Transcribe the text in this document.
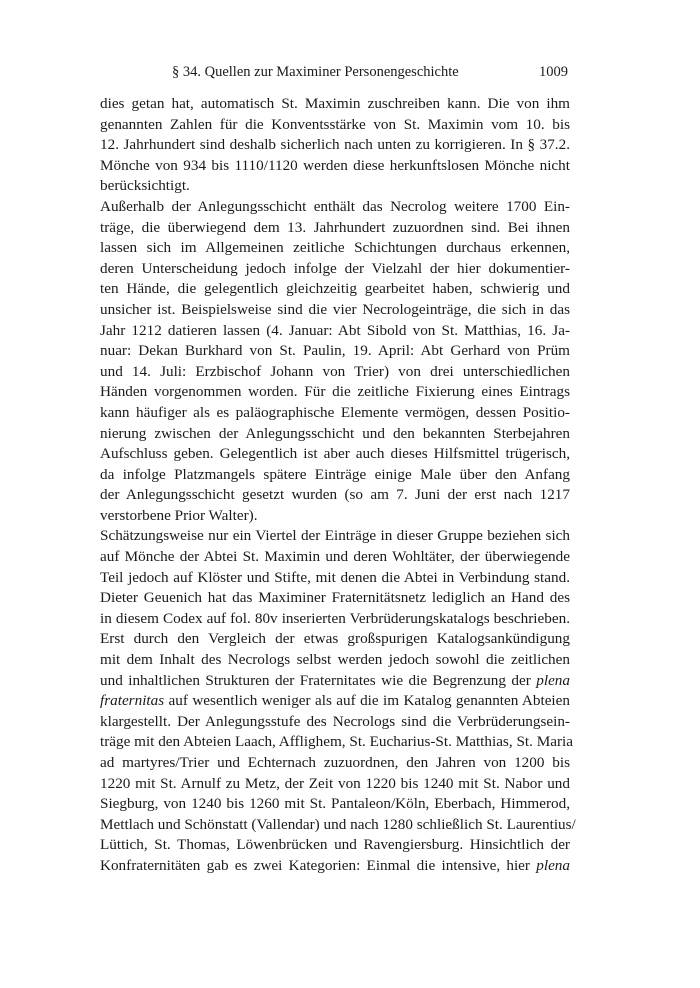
§ 34. Quellen zur Maximiner Personengeschichte	1009
dies getan hat, automatisch St. Maximin zuschreiben kann. Die von ihm
genannten Zahlen für die Konventsstärke von St. Maximin vom 10. bis
12. Jahrhundert sind deshalb sicherlich nach unten zu korrigieren. In § 37.2.
Mönche von 934 bis 1110/1120 werden diese herkunftslosen Mönche nicht
berücksichtigt.
Außerhalb der Anlegungsschicht enthält das Necrolog weitere 1700 Ein-
träge, die überwiegend dem 13. Jahrhundert zuzuordnen sind. Bei ihnen
lassen sich im Allgemeinen zeitliche Schichtungen durchaus erkennen,
deren Unterscheidung jedoch infolge der Vielzahl der hier dokumentier-
ten Hände, die gelegentlich gleichzeitig gearbeitet haben, schwierig und
unsicher ist. Beispielsweise sind die vier Necrologeinträge, die sich in das
Jahr 1212 datieren lassen (4. Januar: Abt Sibold von St. Matthias, 16. Ja-
nuar: Dekan Burkhard von St. Paulin, 19. April: Abt Gerhard von Prüm
und 14. Juli: Erzbischof Johann von Trier) von drei unterschiedlichen
Händen vorgenommen worden. Für die zeitliche Fixierung eines Eintrags
kann häufiger als es paläographische Elemente vermögen, dessen Positio-
nierung zwischen der Anlegungsschicht und den bekannten Sterbejahren
Aufschluss geben. Gelegentlich ist aber auch dieses Hilfsmittel trügerisch,
da infolge Platzmangels spätere Einträge einige Male über den Anfang
der Anlegungsschicht gesetzt wurden (so am 7. Juni der erst nach 1217
verstorbene Prior Walter).
Schätzungsweise nur ein Viertel der Einträge in dieser Gruppe beziehen sich
auf Mönche der Abtei St. Maximin und deren Wohltäter, der überwiegende
Teil jedoch auf Klöster und Stifte, mit denen die Abtei in Verbindung stand.
Dieter Geuenich hat das Maximiner Fraternitätsnetz lediglich an Hand des
in diesem Codex auf fol. 80v inserierten Verbrüderungskatalogs beschrieben.
Erst durch den Vergleich der etwas großspurigen Katalogsankündigung
mit dem Inhalt des Necrologs selbst werden jedoch sowohl die zeitlichen
und inhaltlichen Strukturen der Fraternitates wie die Begrenzung der plena
fraternitas auf wesentlich weniger als auf die im Katalog genannten Abteien
klargestellt. Der Anlegungsstufe des Necrologs sind die Verbrüderungsein-
träge mit den Abteien Laach, Afflighem, St. Eucharius-St. Matthias, St. Maria
ad martyres/Trier und Echternach zuzuordnen, den Jahren von 1200 bis
1220 mit St. Arnulf zu Metz, der Zeit von 1220 bis 1240 mit St. Nabor und
Siegburg, von 1240 bis 1260 mit St. Pantaleon/Köln, Eberbach, Himmerod,
Mettlach und Schönstatt (Vallendar) und nach 1280 schließlich St. Laurentius/
Lüttich, St. Thomas, Löwenbrücken und Ravengiersburg. Hinsichtlich der
Konfraternitäten gab es zwei Kategorien: Einmal die intensive, hier plena
